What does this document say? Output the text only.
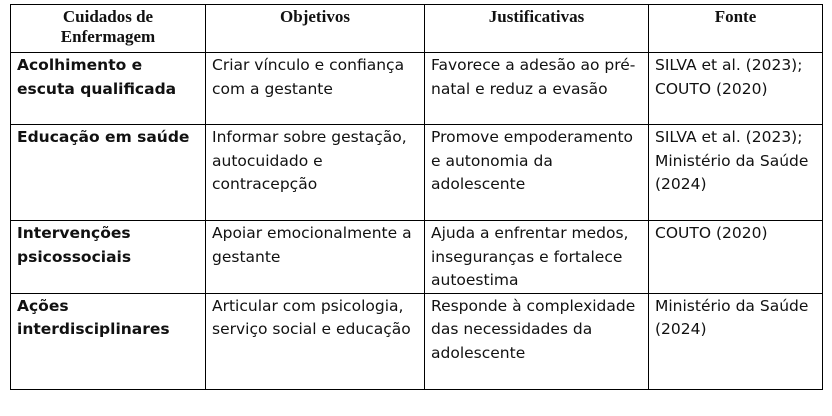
Cuidados de Enfermagem	Objetivos	Justificativas	Fonte
Acolhimento e escuta qualificada	Criar vínculo e confiança com a gestante	Favorece a adesão ao pré-natal e reduz a evasão	SILVA et al. (2023); COUTO (2020)
Educação em saúde	Informar sobre gestação, autocuidado e contracepção	Promove empoderamento e autonomia da adolescente	SILVA et al. (2023); Ministério da Saúde (2024)
Intervenções psicossociais	Apoiar emocionalmente a gestante	Ajuda a enfrentar medos, inseguranças e fortalece autoestima	COUTO (2020)
Ações interdisciplinares	Articular com psicologia, serviço social e educação	Responde à complexidade das necessidades da adolescente	Ministério da Saúde (2024)
